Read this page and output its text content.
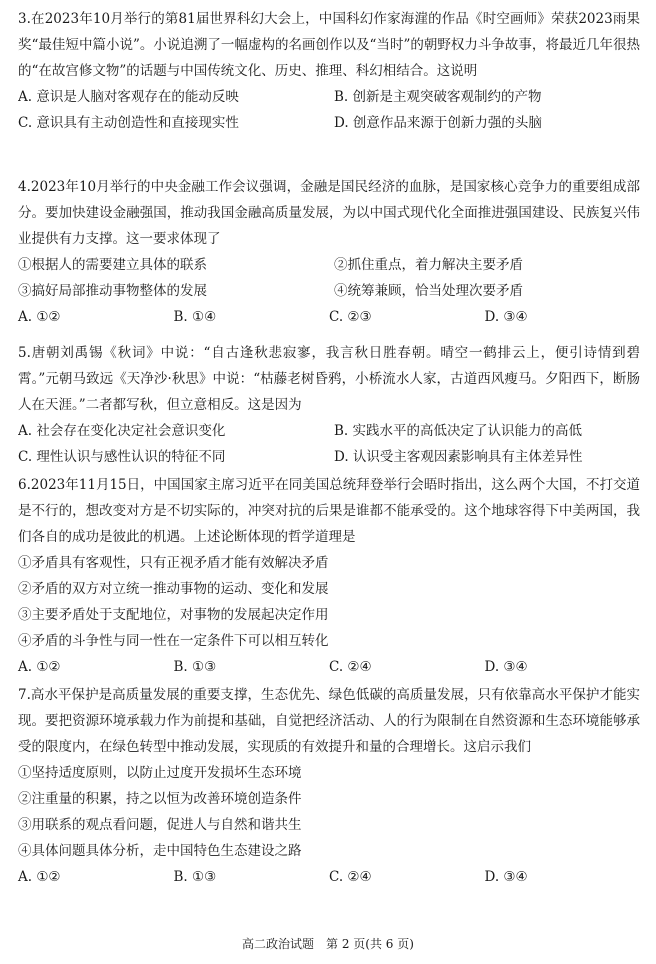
3.在2023年10月举行的第81届世界科幻大会上，中国科幻作家海漄的作品《时空画师》荣获2023雨果奖“最佳短中篇小说”。小说追溯了一幅虚构的名画创作以及“当时”的朝野权力斗争故事，将最近几年很热的“在故宫修文物”的话题与中国传统文化、历史、推理、科幻相结合。这说明

A. 意识是人脑对客观存在的能动反映	B. 创新是主观突破客观制约的产物
C. 意识具有主动创造性和直接现实性	D. 创意作品来源于创新力强的头脑

4.2023年10月举行的中央金融工作会议强调，金融是国民经济的血脉，是国家核心竞争力的重要组成部分。要加快建设金融强国，推动我国金融高质量发展，为以中国式现代化全面推进强国建设、民族复兴伟业提供有力支撑。这一要求体现了

①根据人的需要建立具体的联系	②抓住重点，着力解决主要矛盾
③搞好局部推动事物整体的发展	④统筹兼顾，恰当处理次要矛盾
A. ①②	B. ①④	C. ②③	D. ③④

5.唐朝刘禹锡《秋词》中说：“自古逢秋悲寂寥，我言秋日胜春朝。晴空一鹤排云上，便引诗情到碧霄。”元朝马致远《天净沙·秋思》中说：“枯藤老树昏鸦，小桥流水人家，古道西风瘦马。夕阳西下，断肠人在天涯。”二者都写秋，但立意相反。这是因为

A. 社会存在变化决定社会意识变化	B. 实践水平的高低决定了认识能力的高低
C. 理性认识与感性认识的特征不同	D. 认识受主客观因素影响具有主体差异性

6.2023年11月15日，中国国家主席习近平在同美国总统拜登举行会晤时指出，这么两个大国，不打交道是不行的，想改变对方是不切实际的，冲突对抗的后果是谁都不能承受的。这个地球容得下中美两国，我们各自的成功是彼此的机遇。上述论断体现的哲学道理是

①矛盾具有客观性，只有正视矛盾才能有效解决矛盾
②矛盾的双方对立统一推动事物的运动、变化和发展
③主要矛盾处于支配地位，对事物的发展起决定作用
④矛盾的斗争性与同一性在一定条件下可以相互转化
A. ①②	B. ①③	C. ②④	D. ③④

7.高水平保护是高质量发展的重要支撑，生态优先、绿色低碳的高质量发展，只有依靠高水平保护才能实现。要把资源环境承载力作为前提和基础，自觉把经济活动、人的行为限制在自然资源和生态环境能够承受的限度内，在绿色转型中推动发展，实现质的有效提升和量的合理增长。这启示我们

①坚持适度原则，以防止过度开发损坏生态环境
②注重量的积累，持之以恒为改善环境创造条件
③用联系的观点看问题，促进人与自然和谐共生
④具体问题具体分析，走中国特色生态建设之路
A. ①②	B. ①③	C. ②④	D. ③④
高二政治试题　第 2 页(共 6 页)
